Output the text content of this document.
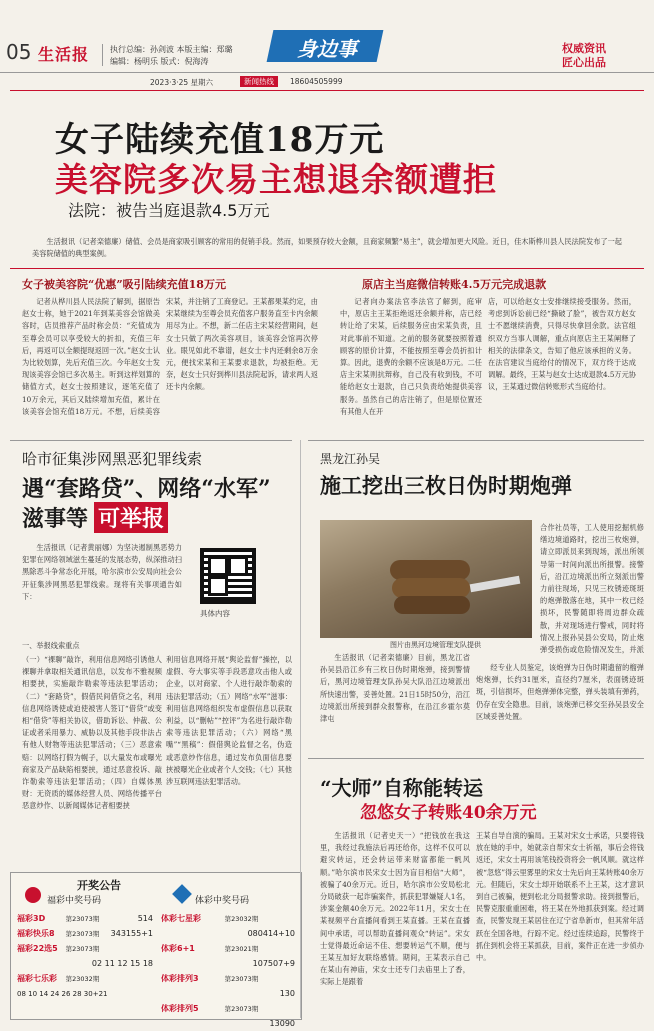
05 生活报	执行总编：孙剑波 本版主编：郑璐
编辑：杨明乐 版式：倪海涛
身边事	权威资讯
匠心出品
2023·3·25 星期六	新闻热线	18604505999
女子陆续充值18万元
美容院多次易主想退余额遭拒
法院：被告当庭退款4.5万元
生活报讯（记者栾德廉）储值、会员是商家吸引顾客的常用的促销手段。然而，如果预存较大金额，且商家频繁“易主”，就会增加更大风险。近日，佳木斯桦川县人民法院发布了一起美容院储值的典型案例。
女子被美容院“优惠”吸引陆续充值18万元	原店主当庭微信转账4.5万元完成退款
记者从桦川县人民法院了解到，据原告赵女士称，她于2021年到某美容会馆做美容时，店员推荐产品时称会员：“充值成为至尊会员可以享受较大的折扣，充值三年后，再返可以全额提现返回一次。”赵女士认为比较划算，先后充值三次。今年赵女士发现该美容会馆已多次易主。听到这样划算的储值方式，赵女士按照建议，逐笔充值了10万余元，其后又陆续增加充值，累计在该美容会馆充值18万元。不想，后续美容
宋某，并注销了工商登记。王某都果某约定，由宋某继续为至尊会员充值客户服务直至卡内余额用尽为止。不想，新二任店主宋某经营期间，赵女士只做了两次美容项目，该美容会馆再次停业。眼见如此不靠谱，赵女士卡内还剩余8万余元，便找宋某和王某要求退款，均被拒绝。无奈，赵女士只好到桦川县法院起诉，请求两人返还卡内余额。
记者向办案法官李法官了解到，庭审中，原店主王某拒绝返还余额并称，店已经转让给了宋某，后续服务应由宋某负责，且对此事前不知道。之前的服务就要按照着通顾客的原价计算，不能按照至尊会员折扣计算。因此，退费的余额不应该是8万元。二任店主宋某则抗辩称，自己没有收到钱，不可能给赵女士退款，自己只负责给她提供美容服务。虽然自己的店注销了，但是原位置还有其他人在开
店，可以给赵女士安排继续接受服务。然而，考虑到诉讼前已经“撕破了脸”，被告双方赵女士不愿继续消费，只得尽快拿回余款。法官组织双方当事人调解，重点向原店主王某阐释了相关的法律条文，告知了他应该承担的义务。在法官建议当庭给付的情况下，双方终于达成调解。最终，王某与赵女士达成退款4.5万元协议，王某通过微信转账形式当庭给付。
哈市征集涉网黑恶犯罪线索
遇“套路贷”、网络“水军”
滋事等 可举报
生活报讯（记者黄丽娜）为坚决遏制黑恶势力犯罪在网络领域滋生蔓延的发展态势，纵深推动扫黑除恶斗争常态化开展，哈尔滨市公安局向社会公开征集涉网黑恶犯罪线索。现将有关事项通告如下：
具体内容
一、举报线索重点
（一）“裸聊”敲诈，利用信息网络引诱他人裸聊并拿取相关通讯信息，以发布不雅视频相要挟，实施敲诈勒索等违法犯罪活动；（二）“套路贷”，假借民间借贷之名，利用信息网络诱使或迫使被害人签订“借贷”或变相“借贷”等相关协议，借助诉讼、仲裁、公证或者采用暴力、威胁以及其他手段非法占有他人财物等违法犯罪活动；（三）恶意索赔：以网络打假为幌子，以大量发布或曝光商家及产品缺陷相要挟，通过恶意投诉、敲诈勒索等违法犯罪活动；（四）自媒体黑财：无资质的媒体经营人员、网络传播平台恶意炒作、以新闻媒体记者相要挟
利用信息网络开展“舆论监督”操控，以虚假、夸大事实等手段恶意攻击他人或企业，以对商家、个人进行敲诈勒索的违法犯罪活动；（五）网络“水军”滋事：利用信息网络组织发布虚假信息以获取利益，以“删帖”“控评”为名进行敲诈勒索等违法犯罪活动；（六）网络“黑嘴”“黑稿”：假借舆论监督之名，伪造或恶意炒作信息，通过发布负面信息要挟被曝光企业或者个人交钱；（七）其他涉互联网违法犯罪活动。
黑龙江孙吴
施工挖出三枚日伪时期炮弹
图片由黑河边境管理支队提供
合作社员等，工人使用挖掘机修缮边境道路时，挖出三枚炮弹，请立即派员来到现场，派出所领导第一时间向派出所报警。接警后，沿江边境派出所立刻派出警力前往现场，只见三枚锈迹斑斑的炮弹散落在地，其中一枚已经损坏，民警随即将周边群众疏散，并对现场进行警戒，同时将情况上报孙吴县公安局，防止炮弹受损伤或危险情况发生，并派
生活报讯（记者栾德廉）目前，黑龙江省孙吴县沿江乡有三枚日伪时期炮弹，接到警情后，黑河边境管理支队孙吴大队沿江边境派出所快速出警，妥善处置。21日15时50分，沿江边境派出所接到群众报警称，在沿江乡霍尔莫津屯
经专业人员鉴定，该炮弹为日伪时期遗留的榴弹炮炮弹，长约31厘米，直径约7厘米，表面锈迹斑斑，引信损坏，但炮弹弹体完整，弹头装填有弹药，仍存在安全隐患。目前，该炮弹已移交至孙吴县安全区域妥善处置。
“大师”自称能转运
忽悠女子转账40余万元
生活报讯（记者史天一）“把钱放在我这里，我经过我施法后再还给你，这样不仅可以避灾转运，还会转运带来财富都能一帆风顺。”哈尔滨市民宋女士因为盲目相信“大师”，被骗了40余万元。近日，哈尔滨市公安局松北分局破获一起诈骗案件，抓获犯罪嫌疑人1名，涉案金额40余万元。2022年11月，宋女士在某视频平台直播间看到王某直播。王某在直播间中承诺，可以帮助直播间观众“转运”。宋女士觉得最近命运不佳、想要转运气不顺，便与王某互加好友联络感情。期间，王某表示自己在某山有神庙，宋女士还专门去庙里上了香，实际上是跟着
王某自导自演的骗局。王某对宋女士承诺，只要将钱放在她的手中，她就亲自帮宋女士祈福，事后会将钱返还，宋女士再用该笔钱投资将会一帆风顺。就这样被“忽悠”得云里雾里的宋女士先后向王某转账40余万元。但随后，宋女士却开始联系不上王某，这才意识到自己被骗，便到松北分局报警求助。接到报警后，民警克服重重困难，将王某在外地抓获到案。经过调查，民警发现王某居住在辽宁省阜新市，但其常年活跃在全国各地，行踪不定。经过连续追踪，民警终于抓住到机会将王某抓获，目前，案件正在进一步侦办中。
开奖公告
福彩中奖号码	体彩中奖号码
福彩3D	第23073期	514
福彩快乐8	第23073期	343155+1
福彩22选5	第23073期	
	02 11 12 15 18	
福彩七乐彩	第23032期	
08 10 14 24 26 28 30+21		
体彩七星彩	第23032期
	080414+10
体彩6+1	第23021期
	107507+9
体彩排列3	第23073期
	130
体彩排列5	第23073期
	13090
